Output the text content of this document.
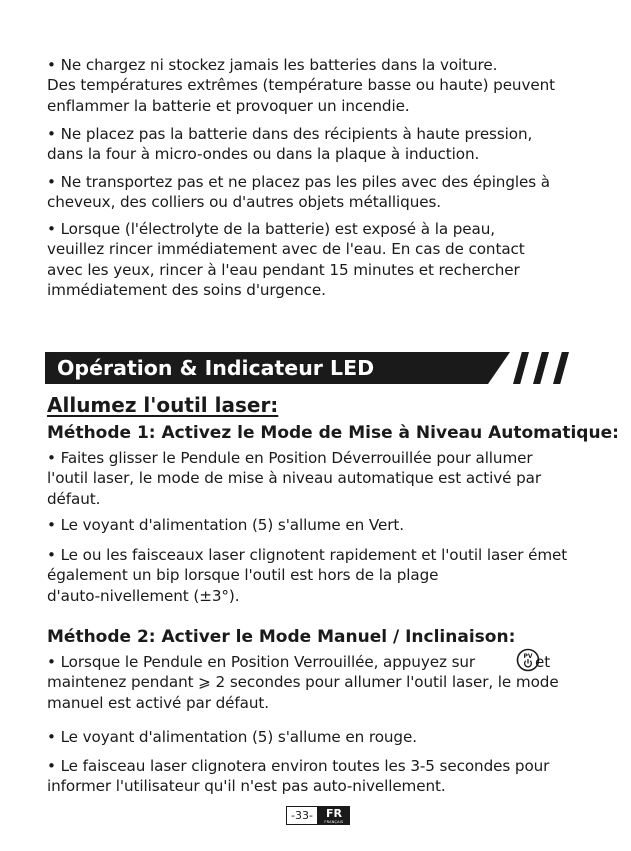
• Ne chargez ni stockez jamais les batteries dans la voiture.
Des températures extrêmes (température basse ou haute) peuvent
enflammer la batterie et provoquer un incendie.

• Ne placez pas la batterie dans des récipients à haute pression,
dans la four à micro-ondes ou dans la plaque à induction.

• Ne transportez pas et ne placez pas les piles avec des épingles à
cheveux, des colliers ou d'autres objets métalliques.

• Lorsque (l'électrolyte de la batterie) est exposé à la peau,
veuillez rincer immédiatement avec de l'eau. En cas de contact
avec les yeux, rincer à l'eau pendant 15 minutes et rechercher
immédiatement des soins d'urgence.

Opération & Indicateur LED
Allumez l'outil laser:
Méthode 1: Activez le Mode de Mise à Niveau Automatique:

• Faites glisser le Pendule en Position Déverrouillée pour allumer
l'outil laser, le mode de mise à niveau automatique est activé par
défaut.

• Le voyant d'alimentation (5) s'allume en Vert.

• Le ou les faisceaux laser clignotent rapidement et l'outil laser émet
également un bip lorsque l'outil est hors de la plage
d'auto-nivellement (±3°).

Méthode 2: Activer le Mode Manuel / Inclinaison:

• Lorsque le Pendule en Position Verrouillée, appuyez sur	et
maintenez pendant ⩾ 2 secondes pour allumer l'outil laser, le mode
manuel est activé par défaut.

PV

• Le voyant d'alimentation (5) s'allume en rouge.

• Le faisceau laser clignotera environ toutes les 3-5 secondes pour
informer l'utilisateur qu'il n'est pas auto-nivellement.

-33-	FR
FRANÇAIS
